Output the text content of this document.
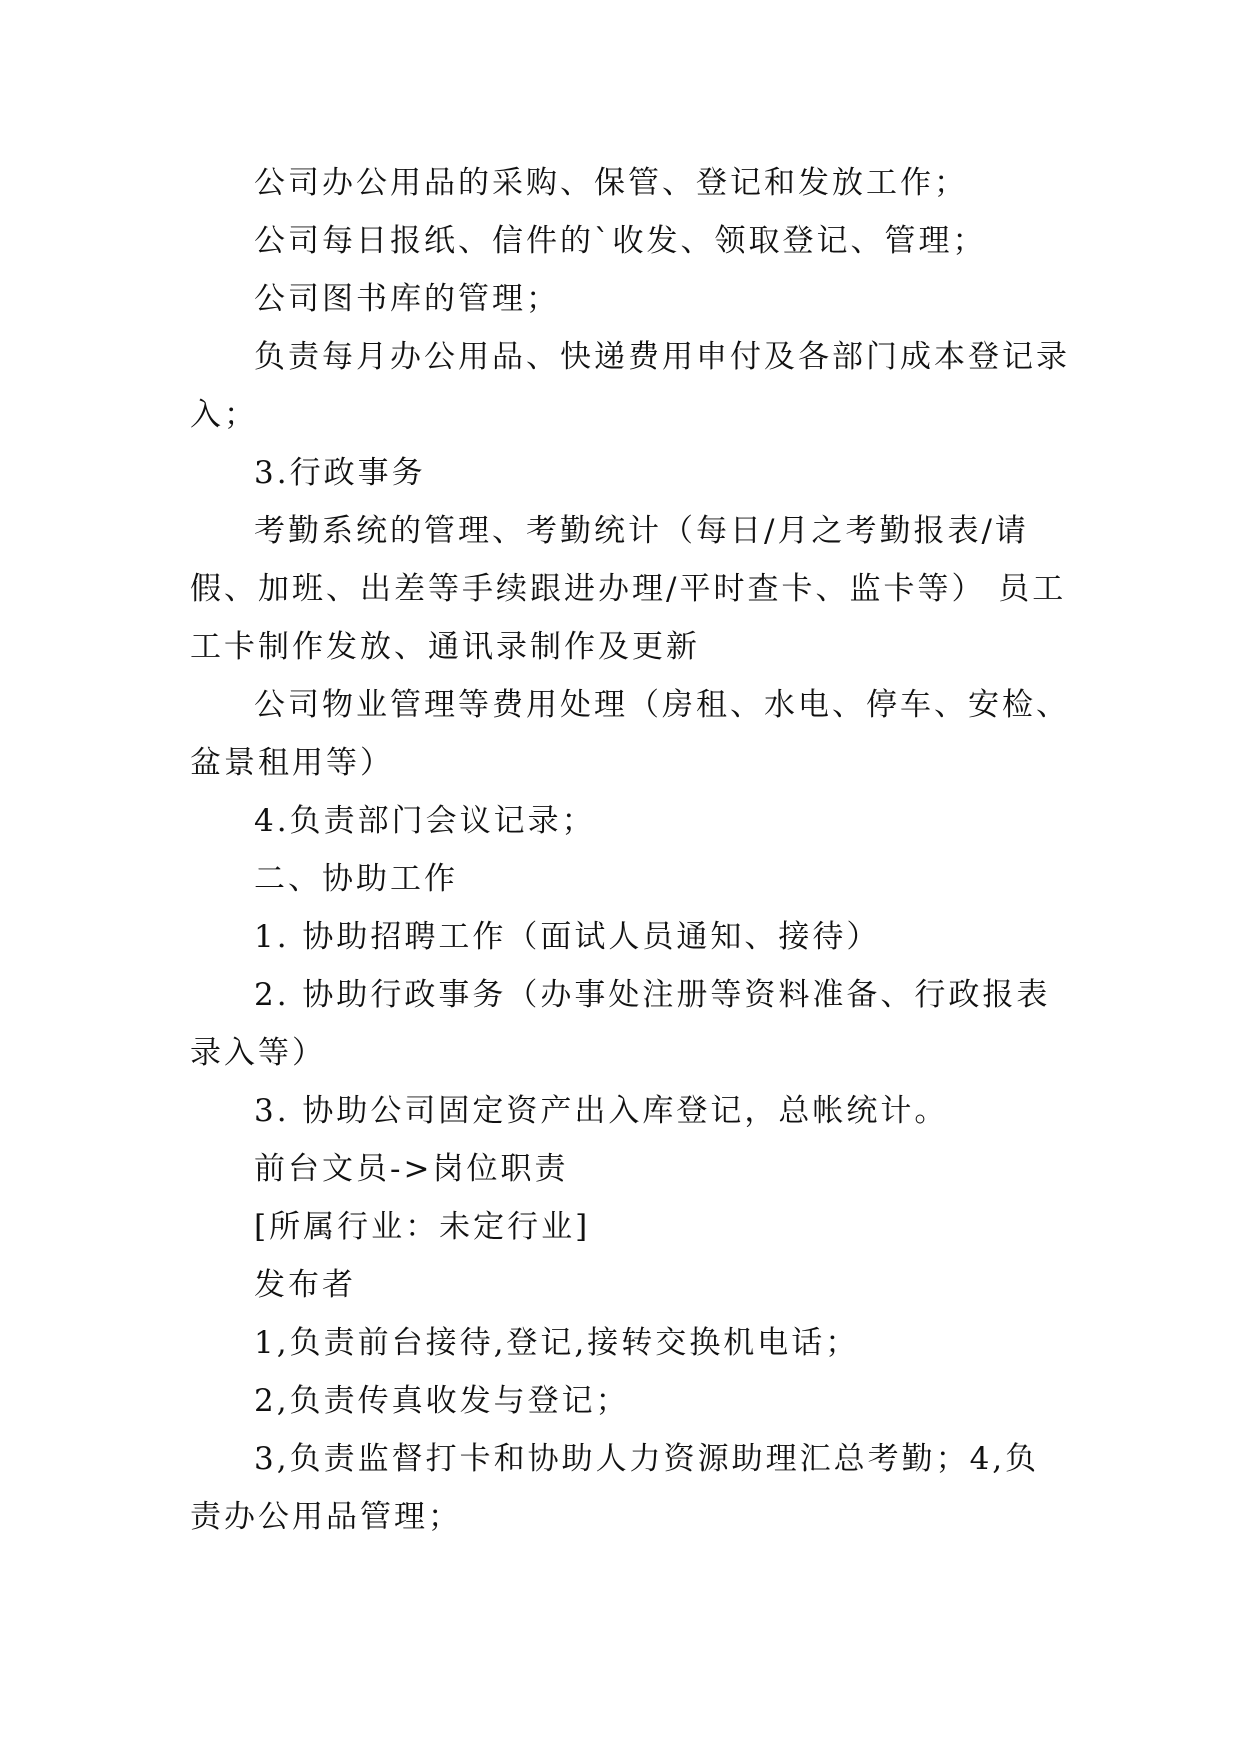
公司办公用品的采购、保管、登记和发放工作；

公司每日报纸、信件的`收发、领取登记、管理；

公司图书库的管理；

负责每月办公用品、快递费用申付及各部门成本登记录入；

3.行政事务

考勤系统的管理、考勤统计（每日/月之考勤报表/请假、加班、出差等手续跟进办理/平时查卡、监卡等） 员工工卡制作发放、通讯录制作及更新

公司物业管理等费用处理（房租、水电、停车、安检、盆景租用等）

4.负责部门会议记录；

二、协助工作

1. 协助招聘工作（面试人员通知、接待）

2. 协助行政事务（办事处注册等资料准备、行政报表录入等）

3. 协助公司固定资产出入库登记，总帐统计。

前台文员->岗位职责

[所属行业：未定行业]

发布者

1,负责前台接待,登记,接转交换机电话；

2,负责传真收发与登记；

3,负责监督打卡和协助人力资源助理汇总考勤；4,负责办公用品管理；
